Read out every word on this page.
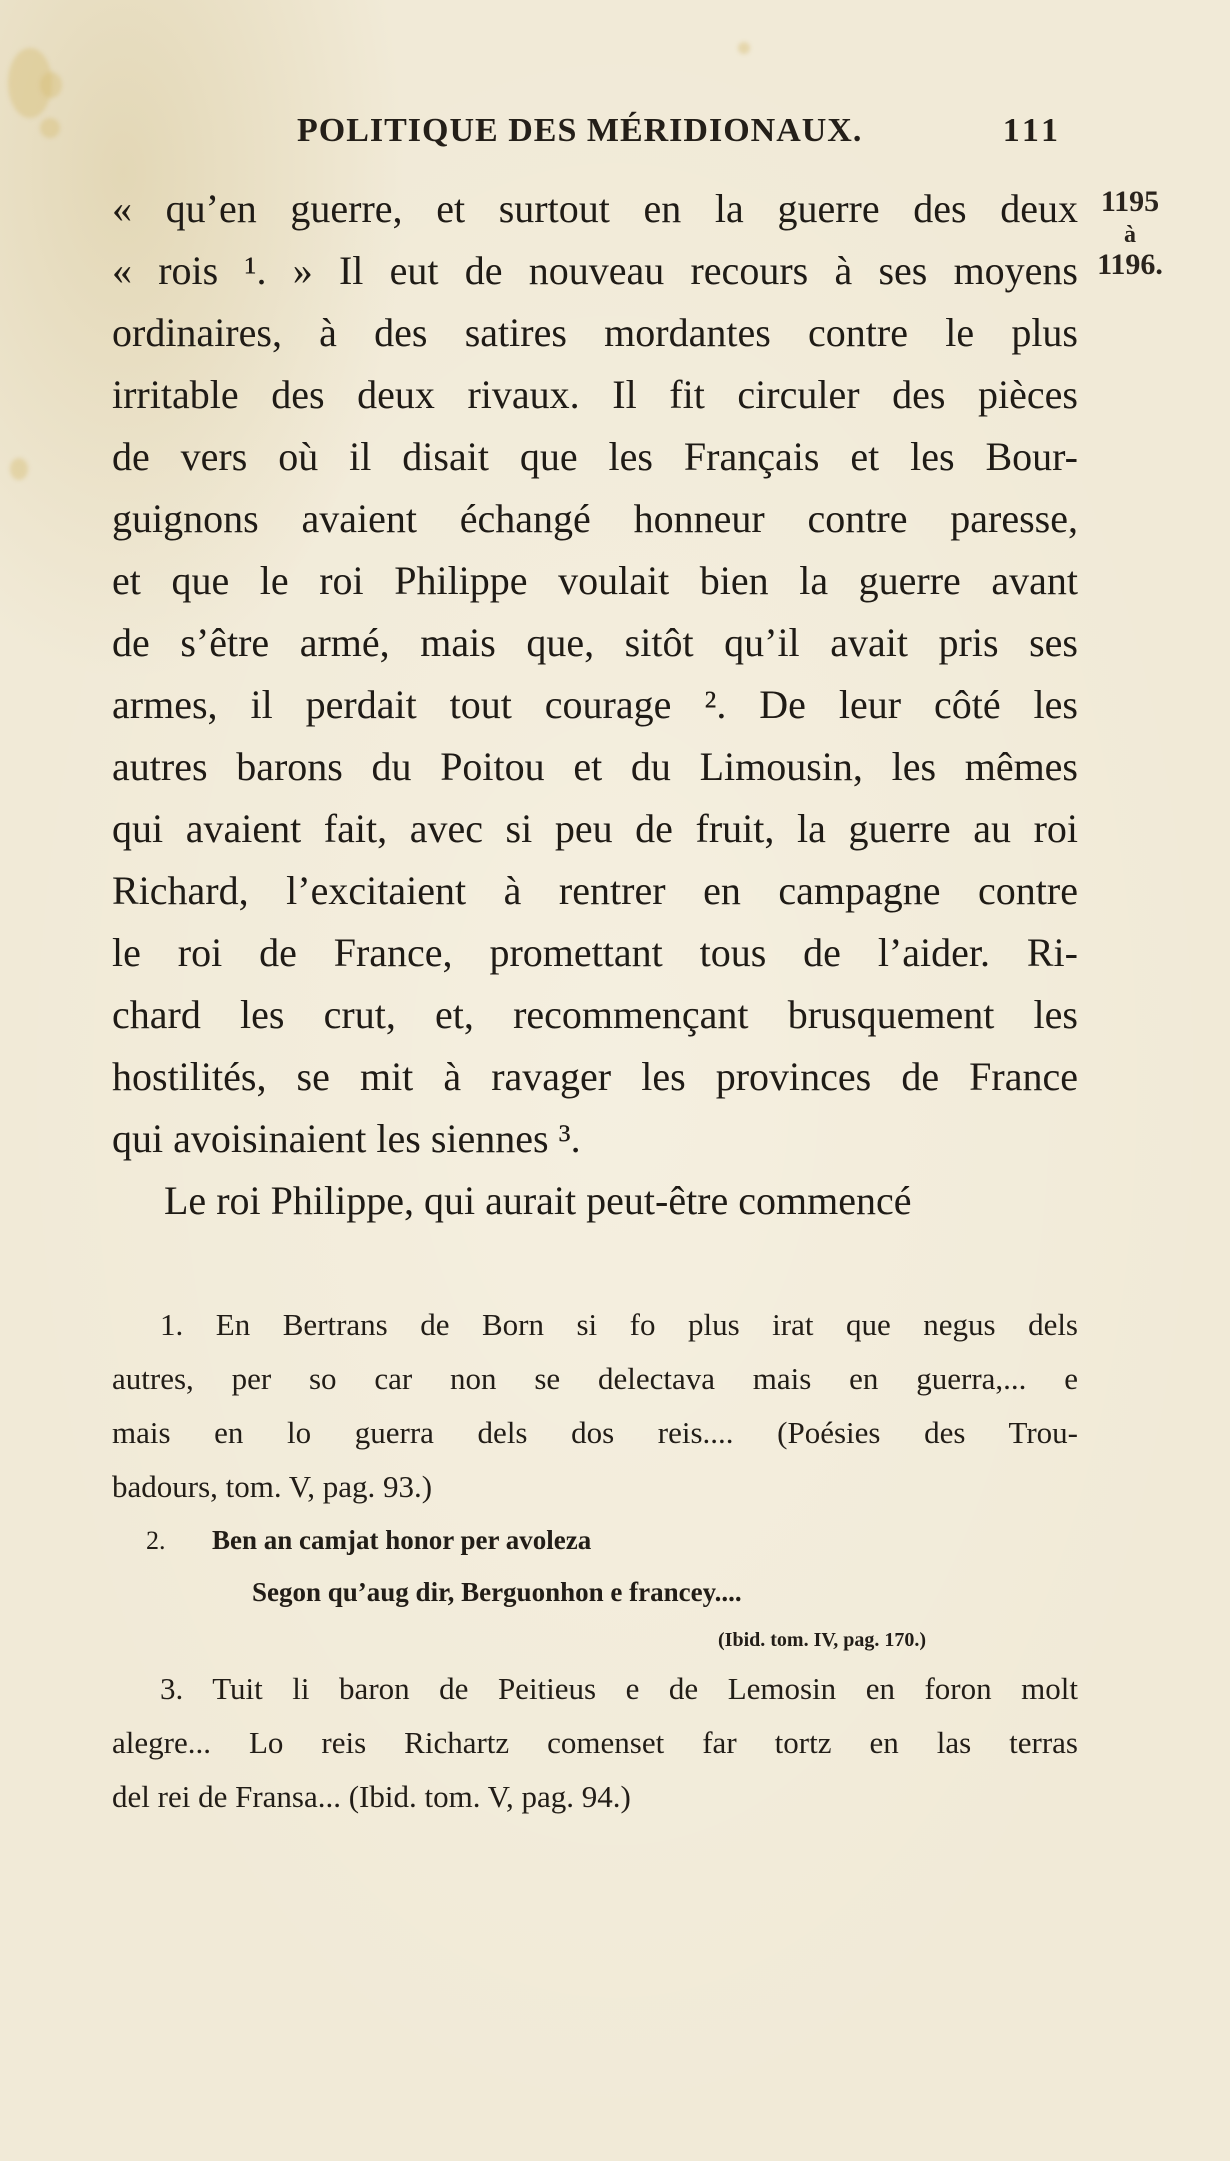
POLITIQUE DES MÉRIDIONAUX.	111
1195
à
1196.
« qu’en guerre, et surtout en la guerre des deux
« rois ¹. » Il eut de nouveau recours à ses moyens
ordinaires, à des satires mordantes contre le plus
irritable des deux rivaux. Il fit circuler des pièces
de vers où il disait que les Français et les Bour-
guignons avaient échangé honneur contre paresse,
et que le roi Philippe voulait bien la guerre avant
de s’être armé, mais que, sitôt qu’il avait pris ses
armes, il perdait tout courage ². De leur côté les
autres barons du Poitou et du Limousin, les mêmes
qui avaient fait, avec si peu de fruit, la guerre au roi
Richard, l’excitaient à rentrer en campagne contre
le roi de France, promettant tous de l’aider. Ri-
chard les crut, et, recommençant brusquement les
hostilités, se mit à ravager les provinces de France
qui avoisinaient les siennes ³.
Le roi Philippe, qui aurait peut-être commencé
1. En Bertrans de Born si fo plus irat que negus dels
autres, per so car non se delectava mais en guerra,... e
mais en lo guerra dels dos reis.... (Poésies des Trou-
badours, tom. V, pag. 93.)
2. Ben an camjat honor per avoleza
Segon qu’aug dir, Berguonhon e francey....
(Ibid. tom. IV, pag. 170.)
3. Tuit li baron de Peitieus e de Lemosin en foron molt
alegre... Lo reis Richartz comenset far tortz en las terras
del rei de Fransa... (Ibid. tom. V, pag. 94.)
